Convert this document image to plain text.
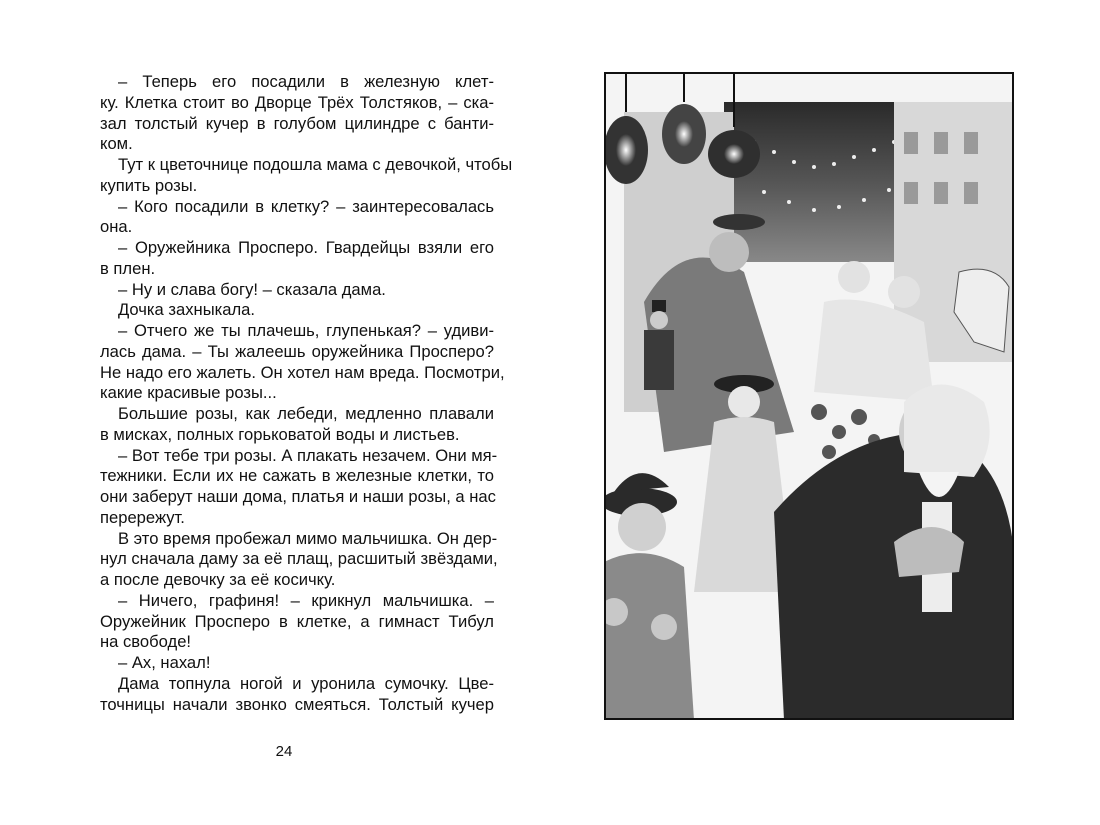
– Теперь его посадили в железную клет-
ку. Клетка стоит во Дворце Трёх Толстяков, – ска-
зал толстый кучер в голубом цилиндре с банти-
ком.
Тут к цветочнице подошла мама с девочкой, чтобы
купить розы.
– Кого посадили в клетку? – заинтересовалась
она.
– Оружейника Просперо. Гвардейцы взяли его
в плен.
– Ну и слава богу! – сказала дама.
Дочка захныкала.
– Отчего же ты плачешь, глупенькая? – удиви-
лась дама. – Ты жалеешь оружейника Просперо?
Не надо его жалеть. Он хотел нам вреда. Посмотри,
какие красивые розы...
Большие розы, как лебеди, медленно плавали
в мисках, полных горьковатой воды и листьев.
– Вот тебе три розы. А плакать незачем. Они мя-
тежники. Если их не сажать в железные клетки, то
они заберут наши дома, платья и наши розы, а нас
перережут.
В это время пробежал мимо мальчишка. Он дер-
нул сначала даму за её плащ, расшитый звёздами,
а после девочку за её косичку.
– Ничего, графиня! – крикнул мальчишка. –
Оружейник Просперо в клетке, а гимнаст Тибул
на свободе!
– Ах, нахал!
Дама топнула ногой и уронила сумочку. Цве-
точницы начали звонко смеяться. Толстый кучер
24
